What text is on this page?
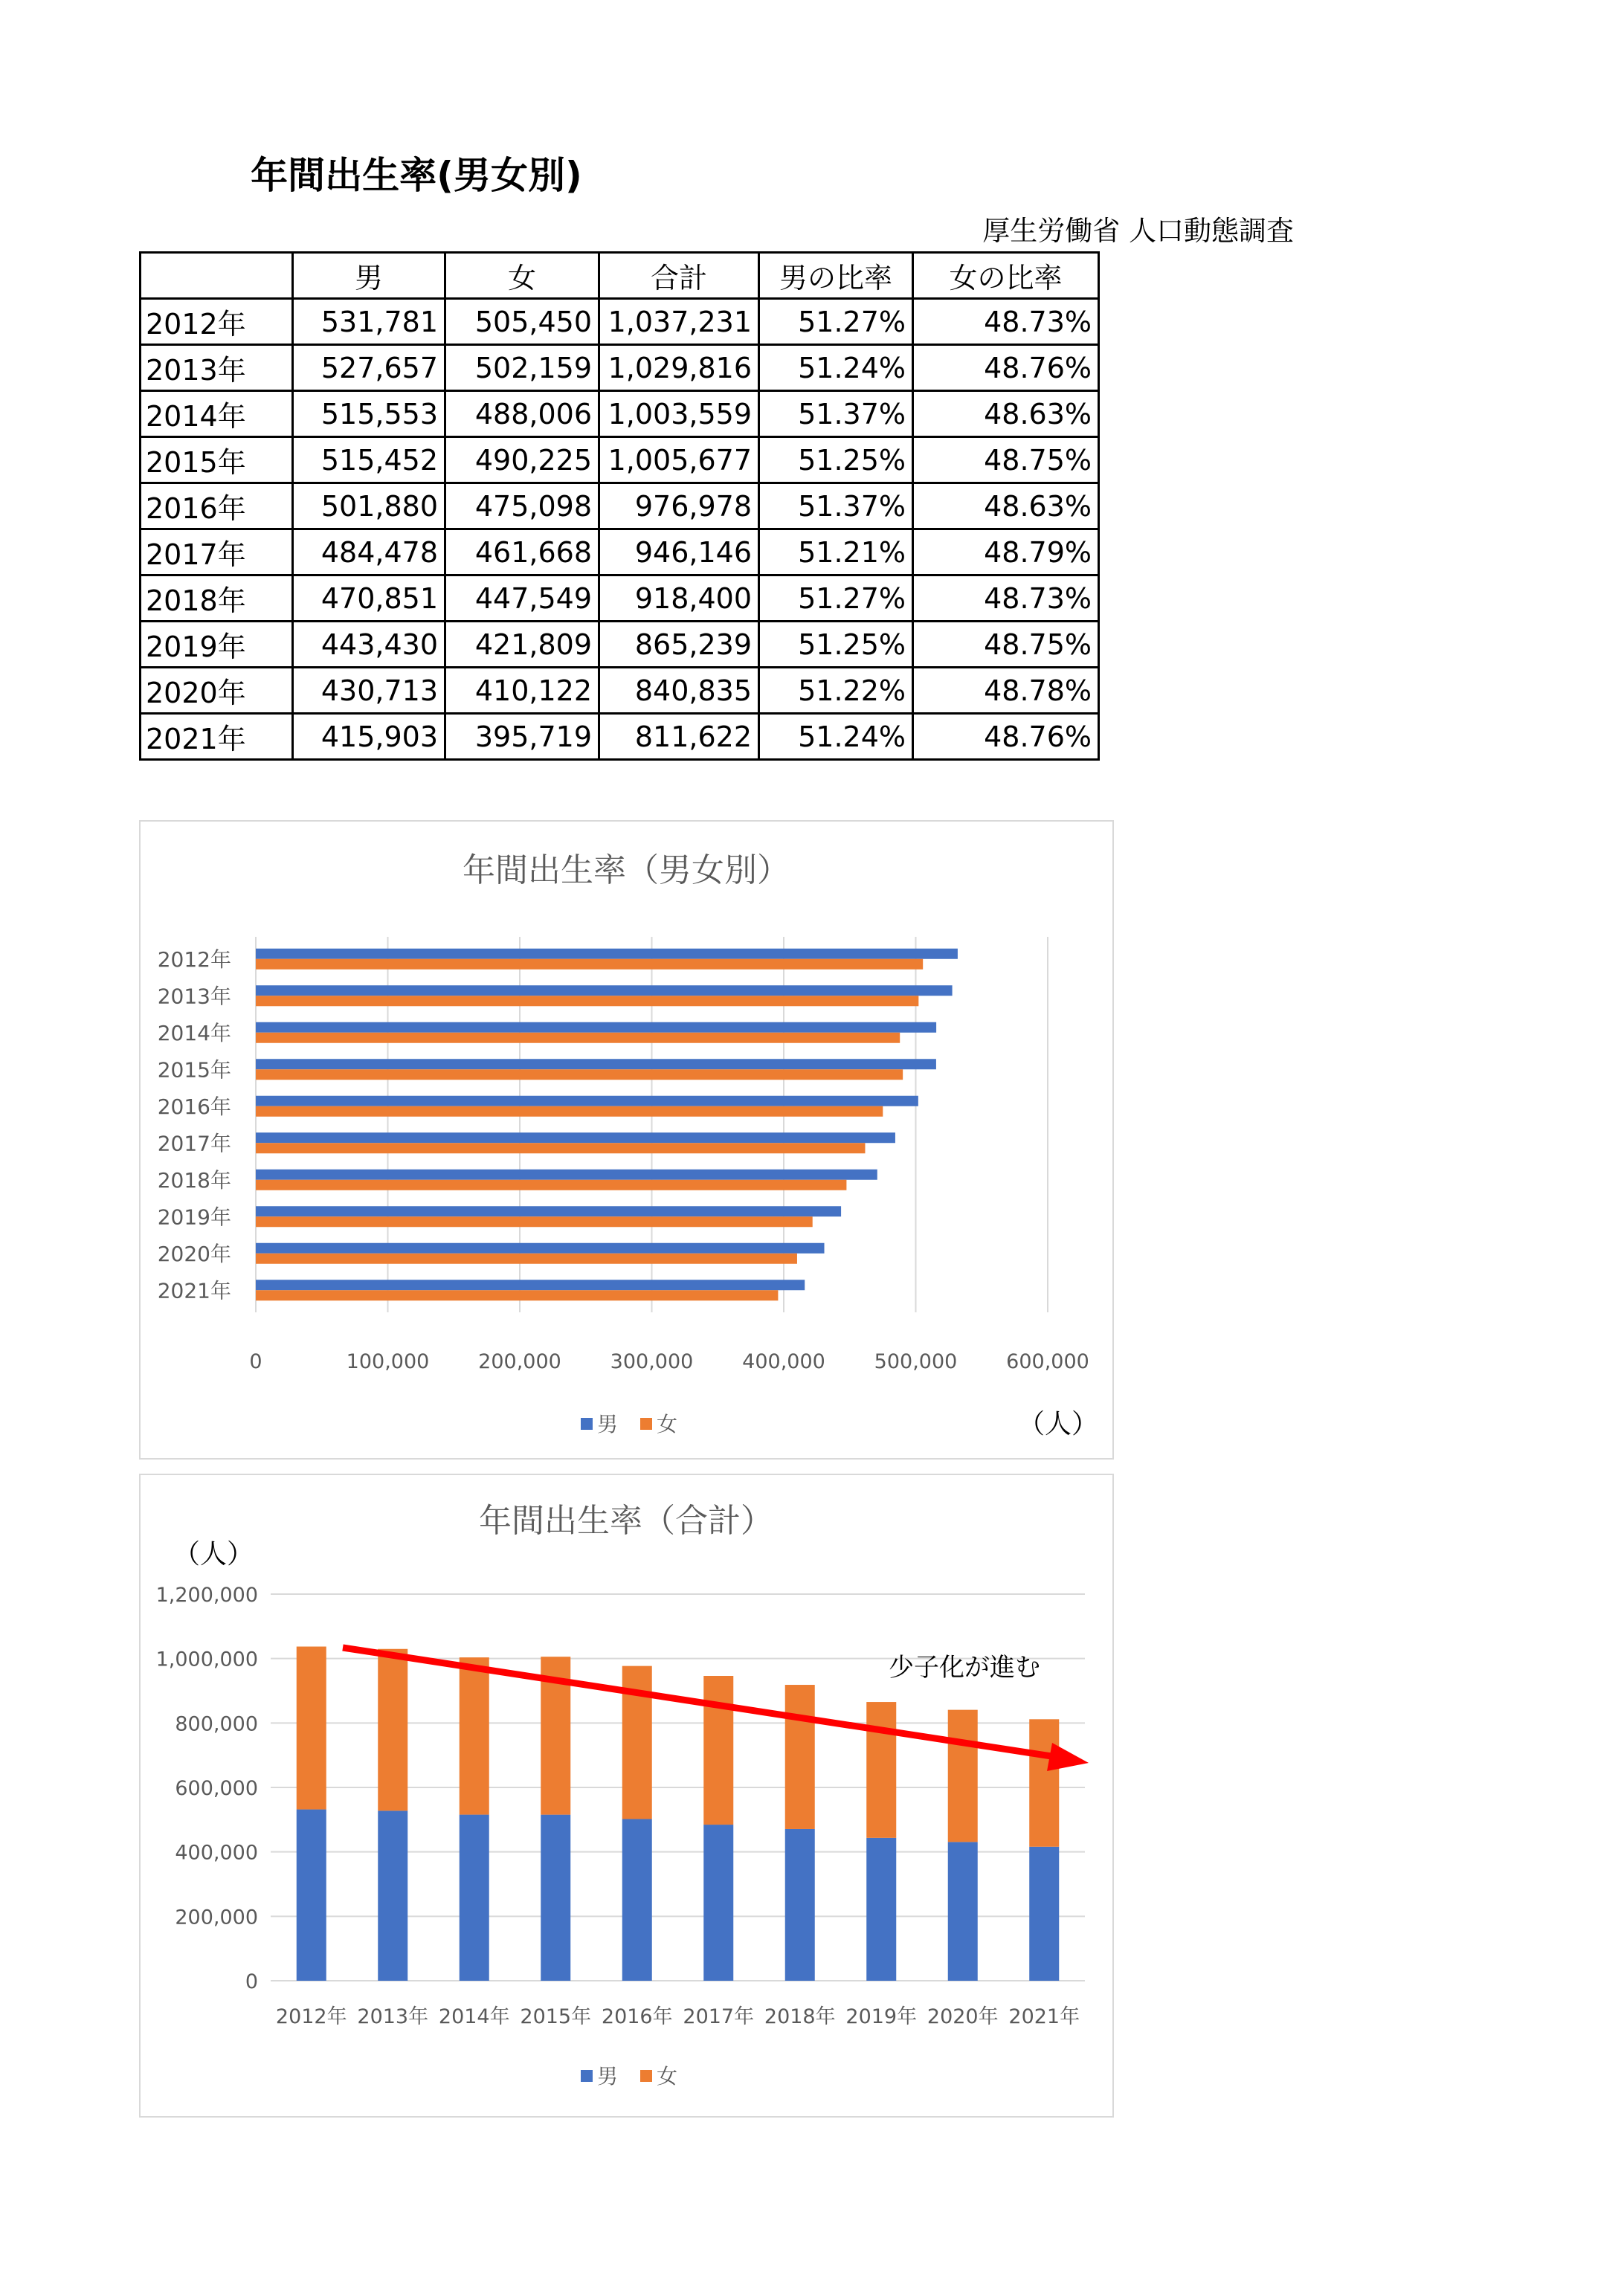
年間出生率(男女別)
厚生労働省 人口動態調査
	男	女	合計	男の比率	女の比率
2012年	531,781	505,450	1,037,231	51.27%	48.73%
2013年	527,657	502,159	1,029,816	51.24%	48.76%
2014年	515,553	488,006	1,003,559	51.37%	48.63%
2015年	515,452	490,225	1,005,677	51.25%	48.75%
2016年	501,880	475,098	976,978	51.37%	48.63%
2017年	484,478	461,668	946,146	51.21%	48.79%
2018年	470,851	447,549	918,400	51.27%	48.73%
2019年	443,430	421,809	865,239	51.25%	48.75%
2020年	430,713	410,122	840,835	51.22%	48.78%
2021年	415,903	395,719	811,622	51.24%	48.76%
年間出生率（男女別）
0	100,000 200,000 300,000 400,000 500,000 600,000
2012年
2013年
2014年
2015年
2016年
2017年
2018年
2019年
2020年
2021年
男 女	（人）
年間出生率（合計）
（人）
0
200,000
400,000
600,000
800,000
1,000,000
1,200,000
2012年 2013年 2014年 2015年 2016年 2017年 2018年 2019年 2020年 2021年
少子化が進む
男 女
